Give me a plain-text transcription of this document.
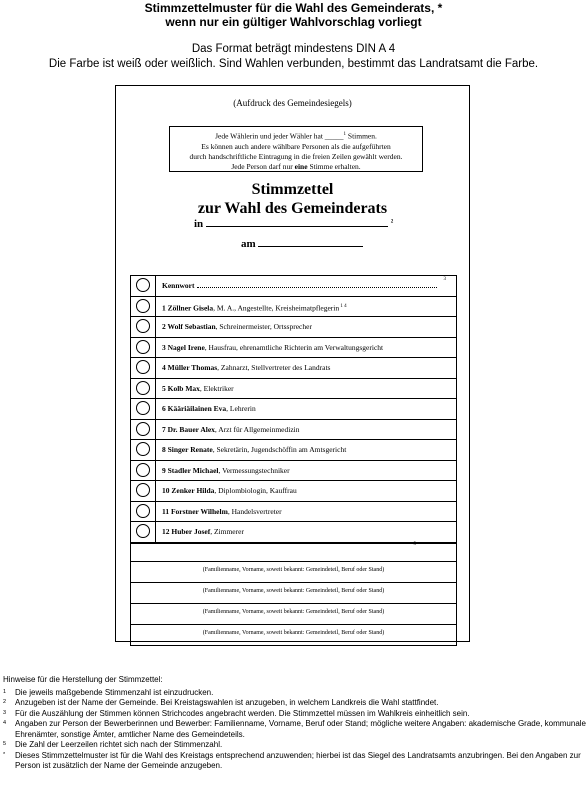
Stimmzettelmuster für die Wahl des Gemeinderats, *
wenn nur ein gültiger Wahlvorschlag vorliegt
Das Format beträgt mindestens DIN A 4
Die Farbe ist weiß oder weißlich. Sind Wahlen verbunden, bestimmt das Landratsamt die Farbe.
(Aufdruck des Gemeindesiegels)
Jede Wählerin und jeder Wähler hat _____$^1$ Stimmen.
Es können auch andere wählbare Personen als die aufgeführten
durch handschriftliche Eintragung in die freien Zeilen gewählt werden.
Jede Person darf nur eine Stimme erhalten.
Stimmzettel
zur Wahl des Gemeinderats
in	$^2$
am
Kennwort
3
1 Zöllner Gisela, M. A., Angestellte, Kreisheimatpflegerin $^{1 4}$
2 Wolf Sebastian, Schreinermeister, Ortssprecher
3 Nagel Irene, Hausfrau, ehrenamtliche Richterin am Verwaltungsgericht
4 Müller Thomas, Zahnarzt, Stellvertreter des Landrats
5 Kolb Max, Elektriker
6 Kääriäilainen Eva, Lehrerin
7 Dr. Bauer Alex, Arzt für Allgemeinmedizin
8 Singer Renate, Sekretärin, Jugendschöffin am Amtsgericht
9 Stadler Michael, Vermessungstechniker
10 Zenker Hilda, Diplombiologin, Kauffrau
11 Forstner Wilhelm, Handelsvertreter
12 Huber Josef, Zimmerer
5
(Familienname, Vorname, soweit bekannt: Gemeindeteil, Beruf oder Stand)
(Familienname, Vorname, soweit bekannt: Gemeindeteil, Beruf oder Stand)
(Familienname, Vorname, soweit bekannt: Gemeindeteil, Beruf oder Stand)
(Familienname, Vorname, soweit bekannt: Gemeindeteil, Beruf oder Stand)
Hinweise für die Herstellung der Stimmzettel:
1 Die jeweils maßgebende Stimmenzahl ist einzudrucken.
2 Anzugeben ist der Name der Gemeinde. Bei Kreistagswahlen ist anzugeben, in welchem Landkreis die Wahl stattfindet.
3 Für die Auszählung der Stimmen können Strichcodes angebracht werden. Die Stimmzettel müssen im Wahlkreis einheitlich sein.
4 Angaben zur Person der Bewerberinnen und Bewerber: Familienname, Vorname, Beruf oder Stand; mögliche weitere Angaben: akademische Grade, kommunale Ehrenämter, sonstige Ämter, amtlicher Name des Gemeindeteils.
5 Die Zahl der Leerzeilen richtet sich nach der Stimmenzahl.
* Dieses Stimmzettelmuster ist für die Wahl des Kreistags entsprechend anzuwenden; hierbei ist das Siegel des Landratsamts anzubringen. Bei den Angaben zur Person ist zusätzlich der Name der Gemeinde anzugeben.
